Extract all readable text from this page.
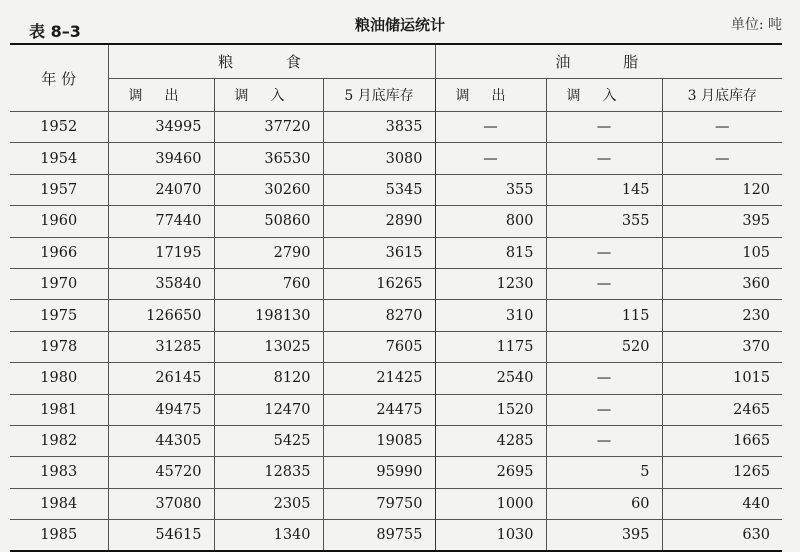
表 8–3	粮油储运统计	单位: 吨
年 份	粮 食			油 脂		
	调出	调入	5 月底库存	调出	调入	3 月底库存
1952	34995	37720	3835	—	—	—
1954	39460	36530	3080	—	—	—
1957	24070	30260	5345	355	145	120
1960	77440	50860	2890	800	355	395
1966	17195	2790	3615	815	—	105
1970	35840	760	16265	1230	—	360
1975	126650	198130	8270	310	115	230
1978	31285	13025	7605	1175	520	370
1980	26145	8120	21425	2540	—	1015
1981	49475	12470	24475	1520	—	2465
1982	44305	5425	19085	4285	—	1665
1983	45720	12835	95990	2695	5	1265
1984	37080	2305	79750	1000	60	440
1985	54615	1340	89755	1030	395	630
